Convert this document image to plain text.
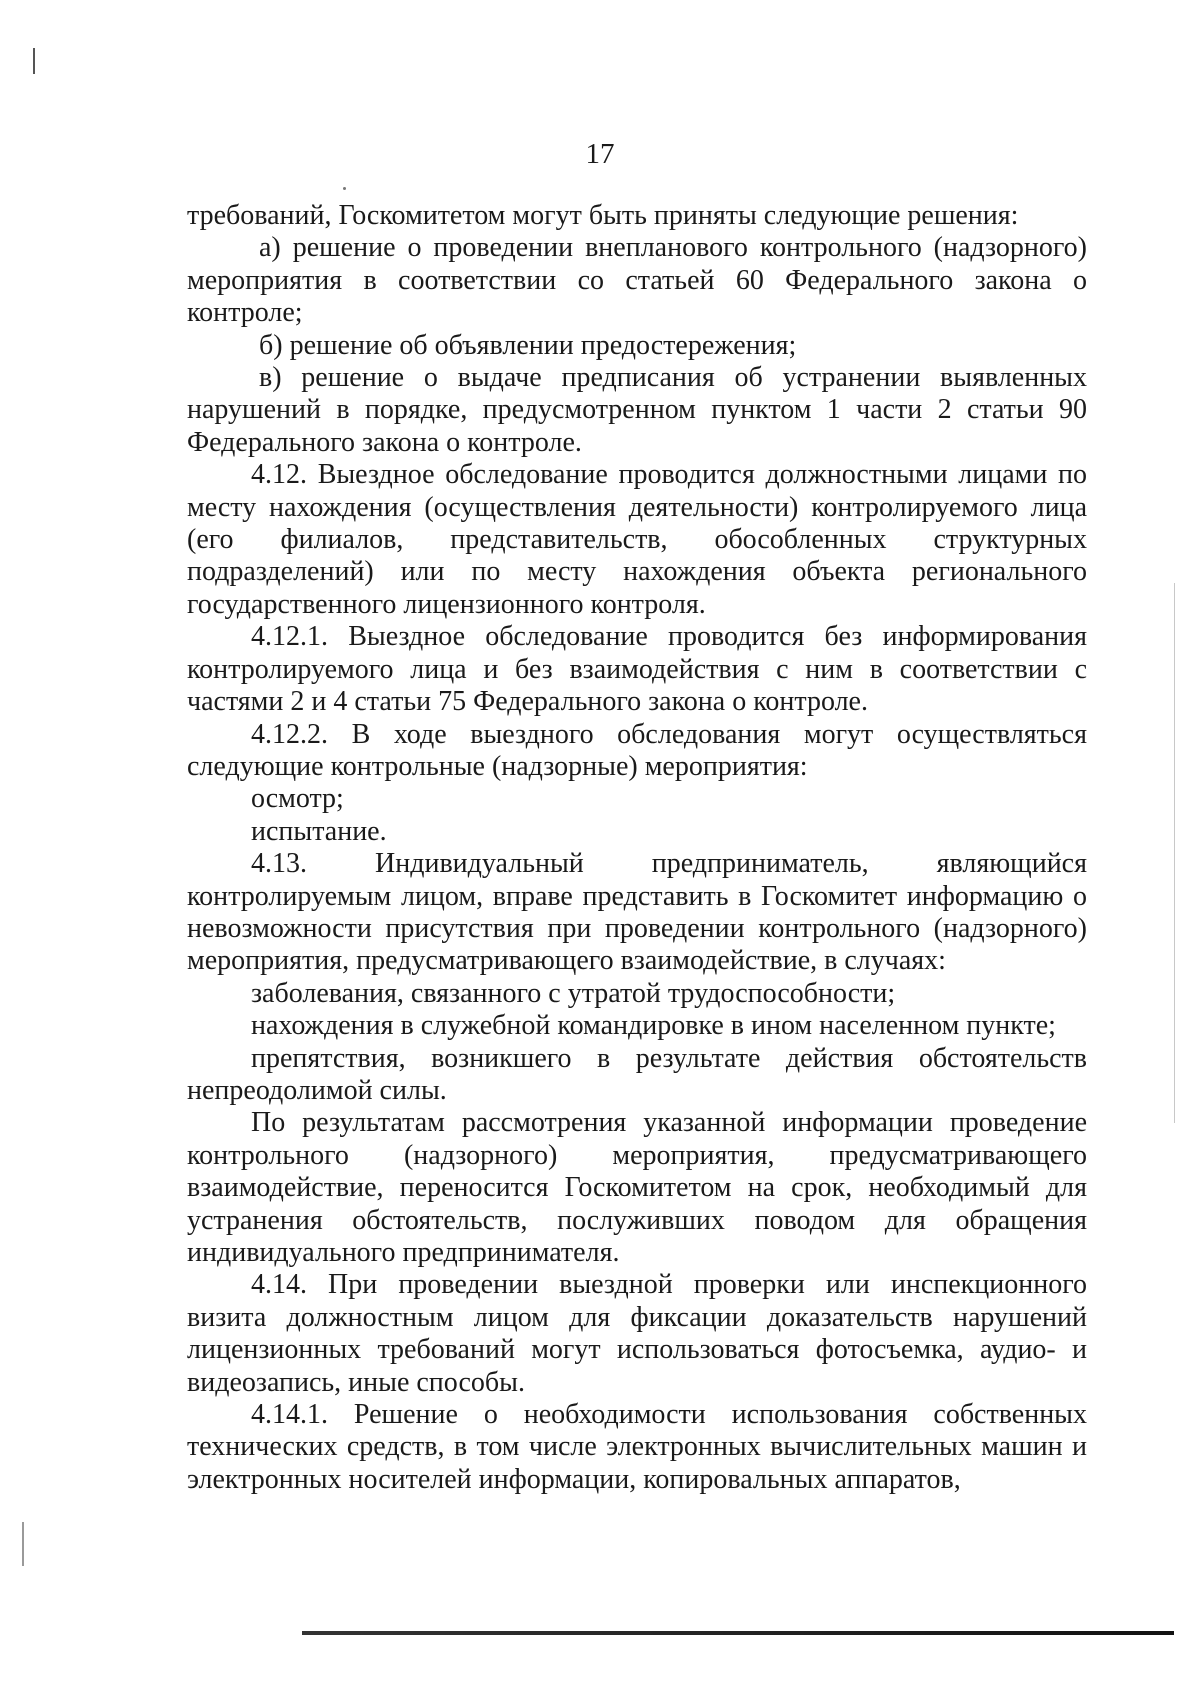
17

требований, Госкомитетом могут быть приняты следующие решения:

а) решение о проведении внепланового контрольного (надзорного) мероприятия в соответствии со статьей 60 Федерального закона о контроле;

б) решение об объявлении предостережения;

в) решение о выдаче предписания об устранении выявленных нарушений в порядке, предусмотренном пунктом 1 части 2 статьи 90 Федерального закона о контроле.

4.12. Выездное обследование проводится должностными лицами по месту нахождения (осуществления деятельности) контролируемого лица (его филиалов, представительств, обособленных структурных подразделений) или по месту нахождения объекта регионального государственного лицензионного контроля.

4.12.1. Выездное обследование проводится без информирования контролируемого лица и без взаимодействия с ним в соответствии с частями 2 и 4 статьи 75 Федерального закона о контроле.

4.12.2. В ходе выездного обследования могут осуществляться следующие контрольные (надзорные) мероприятия:

осмотр;

испытание.

4.13. Индивидуальный предприниматель, являющийся контролируемым лицом, вправе представить в Госкомитет информацию о невозможности присутствия при проведении контрольного (надзорного) мероприятия, предусматривающего взаимодействие, в случаях:

заболевания, связанного с утратой трудоспособности;

нахождения в служебной командировке в ином населенном пункте;

препятствия, возникшего в результате действия обстоятельств непреодолимой силы.

По результатам рассмотрения указанной информации проведение контрольного (надзорного) мероприятия, предусматривающего взаимодействие, переносится Госкомитетом на срок, необходимый для устранения обстоятельств, послуживших поводом для обращения индивидуального предпринимателя.

4.14. При проведении выездной проверки или инспекционного визита должностным лицом для фиксации доказательств нарушений лицензионных требований могут использоваться фотосъемка, аудио- и видеозапись, иные способы.

4.14.1. Решение о необходимости использования собственных технических средств, в том числе электронных вычислительных машин и электронных носителей информации, копировальных аппаратов,
